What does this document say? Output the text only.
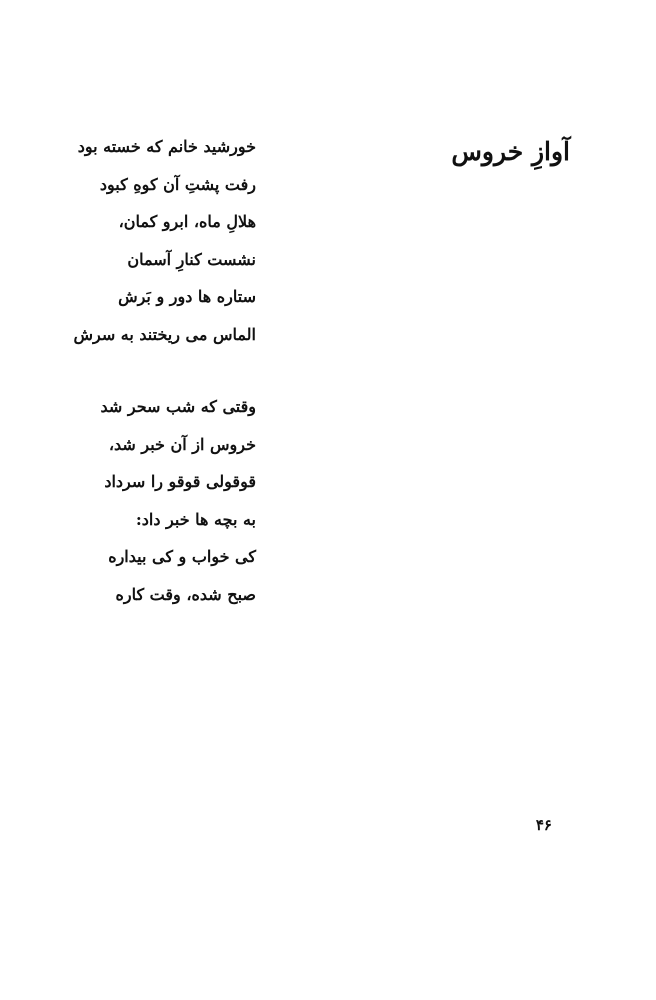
آوازِ خروس
خورشید خانم که خسته بود
رفت پشتِ آن کوهِ کبود
هلالِ ماه، ابرو کمان،
نشست کنارِ آسمان
ستاره ها دور و بَرش
الماس می ریختند به سرش
وقتی که شب سحر شد
خروس از آن خبر شد،
قوقولی قوقو را سرداد
به بچه ها خبر داد:
کی خواب و کی بیداره
صبح شده، وقت کاره
۴۶
